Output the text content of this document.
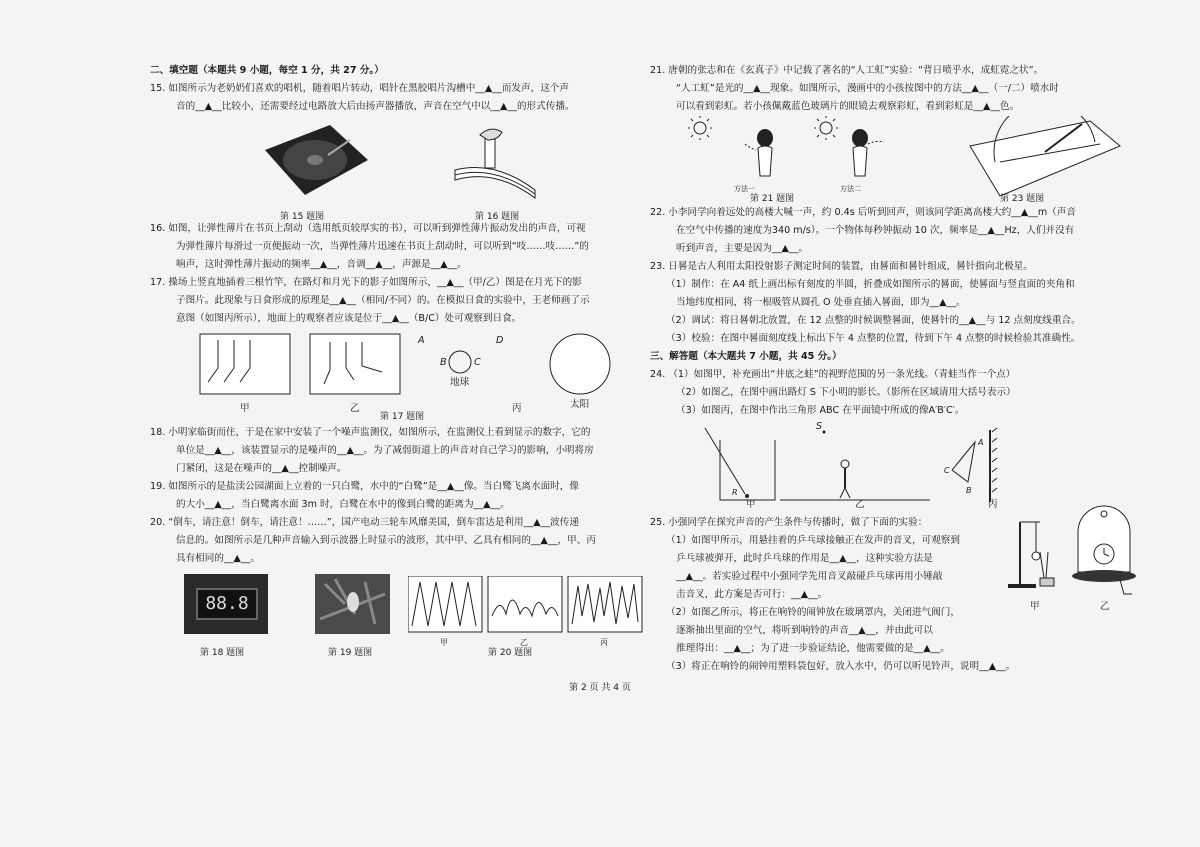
二、填空题（本题共 9 小题，每空 1 分，共 27 分。）
15. 如图所示为老奶奶们喜欢的唱机，随着唱片转动，唱针在黑胶唱片沟槽中__▲__而发声，这个声
音的__▲__比较小，还需要经过电路放大后由扬声器播放，声音在空气中以__▲__的形式传播。
第 15 题图	第 16 题图
16. 如图，让弹性薄片在书页上刮动（选用纸页较厚实的书），可以听到弹性薄片振动发出的声音，可视
为弹性薄片每滑过一页便振动一次，当弹性薄片迅速在书页上刮动时，可以听到“吱……吱……”的
响声，这时弹性薄片振动的频率__▲__，音调__▲__，声源是__▲__。
17. 操场上竖直地插着三根竹竿，在路灯和月光下的影子如图所示，__▲__（甲/乙）图是在月光下的影
子图片。此现象与日食形成的原理是__▲__（相同/不同）的。在模拟日食的实验中，王老师画了示
意图（如图丙所示），地面上的观察者应该是位于__▲__（B/C）处可观察到日食。
A
B	C
D
地球
太阳
甲	乙	丙
第 17 题图
18. 小明家临街而住，于是在家中安装了一个噪声监测仪，如图所示，在监测仪上看到显示的数字，它的
单位是__▲__，该装置显示的是噪声的__▲__。为了减弱街道上的声音对自己学习的影响，小明将房
门紧闭，这是在噪声的__▲__控制噪声。
19. 如图所示的是盐渎公园湖面上立着的一只白鹭，水中的“白鹭”是__▲__像。当白鹭飞离水面时，像
的大小__▲__，当白鹭离水面 3m 时，白鹭在水中的像到白鹭的距离为__▲__。
20. “倒车，请注意！倒车，请注意！……”，国产电动三轮车风靡美国，倒车雷达是利用__▲__波传递
信息的。如图所示是几种声音输入到示波器上时显示的波形，其中甲、乙具有相同的__▲__，甲、丙
具有相同的__▲__。
88.8
甲	乙	丙
第 18 题图	第 19 题图	第 20 题图
21. 唐朝的张志和在《玄真子》中记载了著名的“人工虹”实验：“背日喷乎水，成虹霓之状”。
“人工虹”是光的__▲__现象。如图所示，漫画中的小孩按图中的方法__▲__（一/二）喷水时
可以看到彩虹。若小孩佩戴蓝色玻璃片的眼镜去观察彩虹，看到彩虹是__▲__色。
方法一	方法二
第 21 题图	第 23 题图
22. 小李同学向着远处的高楼大喊一声，约 0.4s 后听到回声，则该同学距离高楼大约__▲__m（声音
在空气中传播的速度为340 m/s）。一个物体每秒钟振动 10 次，频率是__▲__Hz，人们并没有
听到声音，主要是因为__▲__。
23. 日晷是古人利用太阳投射影子测定时间的装置，由晷面和晷针组成，晷针指向北极星。
（1）制作：在 A4 纸上画出标有刻度的半圆，折叠成如图所示的晷面，使晷面与竖直面的夹角和
当地纬度相同，将一根吸管从圆孔 O 处垂直插入晷面，即为__▲__。
（2）调试：将日晷朝北放置，在 12 点整的时候调整晷面，使晷针的__▲__与 12 点刻度线重合。
（3）校验：在图中晷面刻度线上标出下午 4 点整的位置，待到下午 4 点整的时候检验其准确性。
三、解答题（本大题共 7 小题，共 45 分。）
24. （1）如图甲，补充画出“井底之蛙”的视野范围的另一条光线。（青蛙当作一个点）
（2）如图乙，在图中画出路灯 S 下小明的影长。（影所在区域请用大括号表示）
（3）如图丙，在图中作出三角形 ABC 在平面镜中所成的像A′B′C′。
S
R
A
C
B
甲	乙	丙
25. 小强同学在探究声音的产生条件与传播时，做了下面的实验：
（1）如图甲所示，用悬挂着的乒乓球接触正在发声的音叉，可观察到
乒乓球被弹开，此时乒乓球的作用是__▲__，这种实验方法是
__▲__。若实验过程中小强同学先用音叉敲碰乒乓球再用小锤敲
击音叉，此方案是否可行：__▲__。
（2）如图乙所示，将正在响铃的闹钟放在玻璃罩内，关闭进气阀门，
逐渐抽出里面的空气，将听到响铃的声音__▲__，并由此可以
推理得出：__▲__；为了进一步验证结论，他需要做的是__▲__。
（3）将正在响铃的闹钟用塑料袋包好，放入水中，仍可以听见铃声，说明__▲__。
甲	乙
第 2 页 共 4 页
